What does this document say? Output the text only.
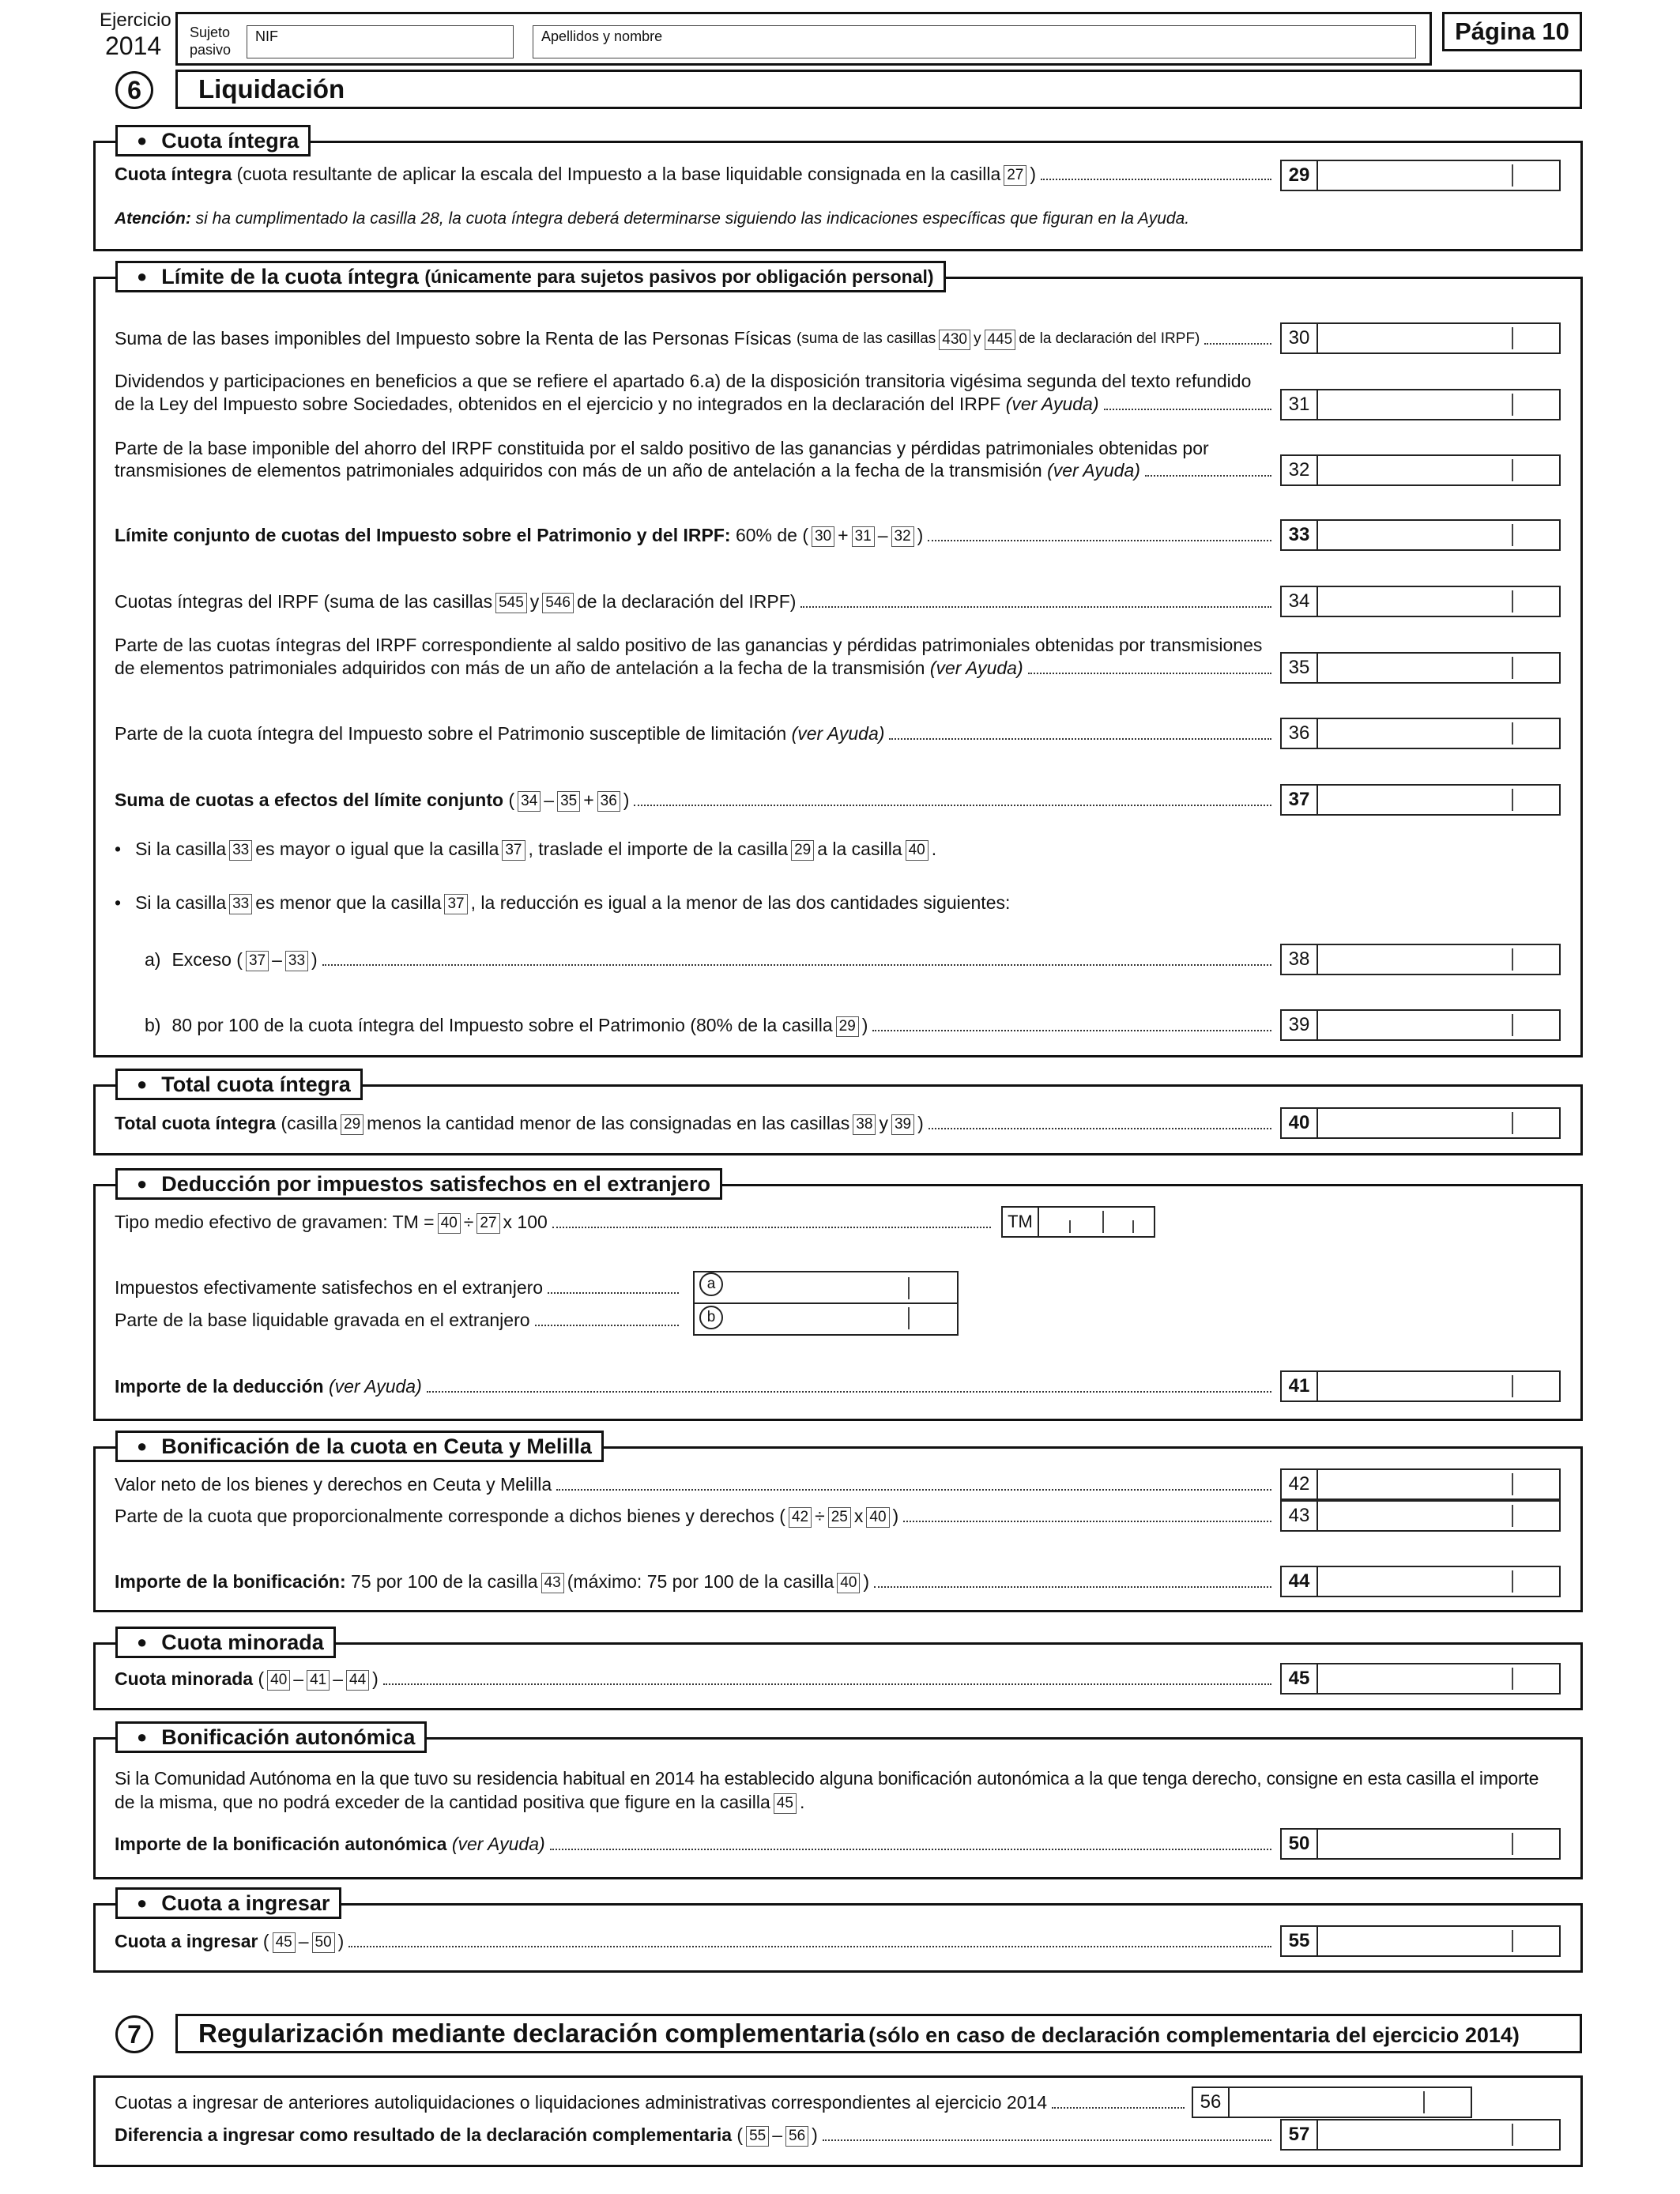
Ejercicio
2014 Sujeto
pasivo
NIF	Apellidos y nombre	Página 10
6	Liquidación
● Cuota íntegra
Cuota íntegra
(cuota resultante de aplicar la escala del Impuesto a la base liquidable consignada en la casilla 27 )	29
Atención:
si ha cumplimentado la casilla 28, la cuota íntegra deberá determinarse siguiendo las indicaciones específicas que figuran en la Ayuda.
● Límite de la cuota íntegra
(únicamente para sujetos pasivos por obligación personal)
Suma de las bases imponibles del Impuesto sobre la Renta de las Personas Físicas
(suma de las casillas 430 y 445 de la declaración del IRPF)	30
Dividendos y participaciones en beneficios a que se refiere el apartado 6.a) de la disposición transitoria vigésima segunda del texto refundido
de la Ley del Impuesto sobre Sociedades, obtenidos en el ejercicio y no integrados en la declaración del IRPF
(ver Ayuda)	31
Parte de la base imponible del ahorro del IRPF constituida por el saldo positivo de las ganancias y pérdidas patrimoniales obtenidas por
transmisiones de elementos patrimoniales adquiridos con más de un año de antelación a la fecha de la transmisión
(ver Ayuda)	32
Límite conjunto de cuotas del Impuesto sobre el Patrimonio y del IRPF:
60% de ( 30 + 31 – 32 )	33
Cuotas íntegras del IRPF (suma de las casillas 545 y 546 de la declaración del IRPF)	34
Parte de las cuotas íntegras del IRPF correspondiente al saldo positivo de las ganancias y pérdidas patrimoniales obtenidas por transmisiones
de elementos patrimoniales adquiridos con más de un año de antelación a la fecha de la transmisión
(ver Ayuda)	35
Parte de la cuota íntegra del Impuesto sobre el Patrimonio susceptible de limitación
(ver Ayuda)	36
Suma de cuotas a efectos del límite conjunto
( 34 – 35 + 36 )	37
• Si la casilla 33 es mayor o igual que la casilla 37 , traslade el importe de la casilla 29 a la casilla 40 .
• Si la casilla 33 es menor que la casilla 37 , la reducción es igual a la menor de las dos cantidades siguientes:
a) Exceso ( 37 – 33 )	38
b) 80 por 100 de la cuota íntegra del Impuesto sobre el Patrimonio (80% de la casilla 29 )	39
● Total cuota íntegra
Total cuota íntegra
(casilla 29 menos la cantidad menor de las consignadas en las casillas 38 y 39 )	40
● Deducción por impuestos satisfechos en el extranjero
Tipo medio efectivo de gravamen: TM = 40 ÷ 27 x 100	TM
Impuestos efectivamente satisfechos en el extranjero	a
Parte de la base liquidable gravada en el extranjero	b
Importe de la deducción
(ver Ayuda)	41
● Bonificación de la cuota en Ceuta y Melilla
Valor neto de los bienes y derechos en Ceuta y Melilla	42
Parte de la cuota que proporcionalmente corresponde a dichos bienes y derechos ( 42 ÷ 25 x 40 )	43
Importe de la bonificación:
75 por 100 de la casilla 43 (máximo: 75 por 100 de la casilla 40 )	44
● Cuota minorada
Cuota minorada
( 40 – 41 – 44 )	45
● Bonificación autonómica
Si la Comunidad Autónoma en la que tuvo su residencia habitual en 2014 ha establecido alguna bonificación autonómica a la que tenga derecho, consigne en esta casilla el importe
de la misma, que no podrá exceder de la cantidad positiva que figure en la casilla 45 .
Importe de la bonificación autonómica
(ver Ayuda)	50
● Cuota a ingresar
Cuota a ingresar
( 45 – 50 )	55
7	Regularización mediante declaración complementaria (sólo en caso de declaración complementaria del ejercicio 2014)
Cuotas a ingresar de anteriores autoliquidaciones o liquidaciones administrativas correspondientes al ejercicio 2014	56
Diferencia a ingresar como resultado de la declaración complementaria
( 55 – 56 )	57
